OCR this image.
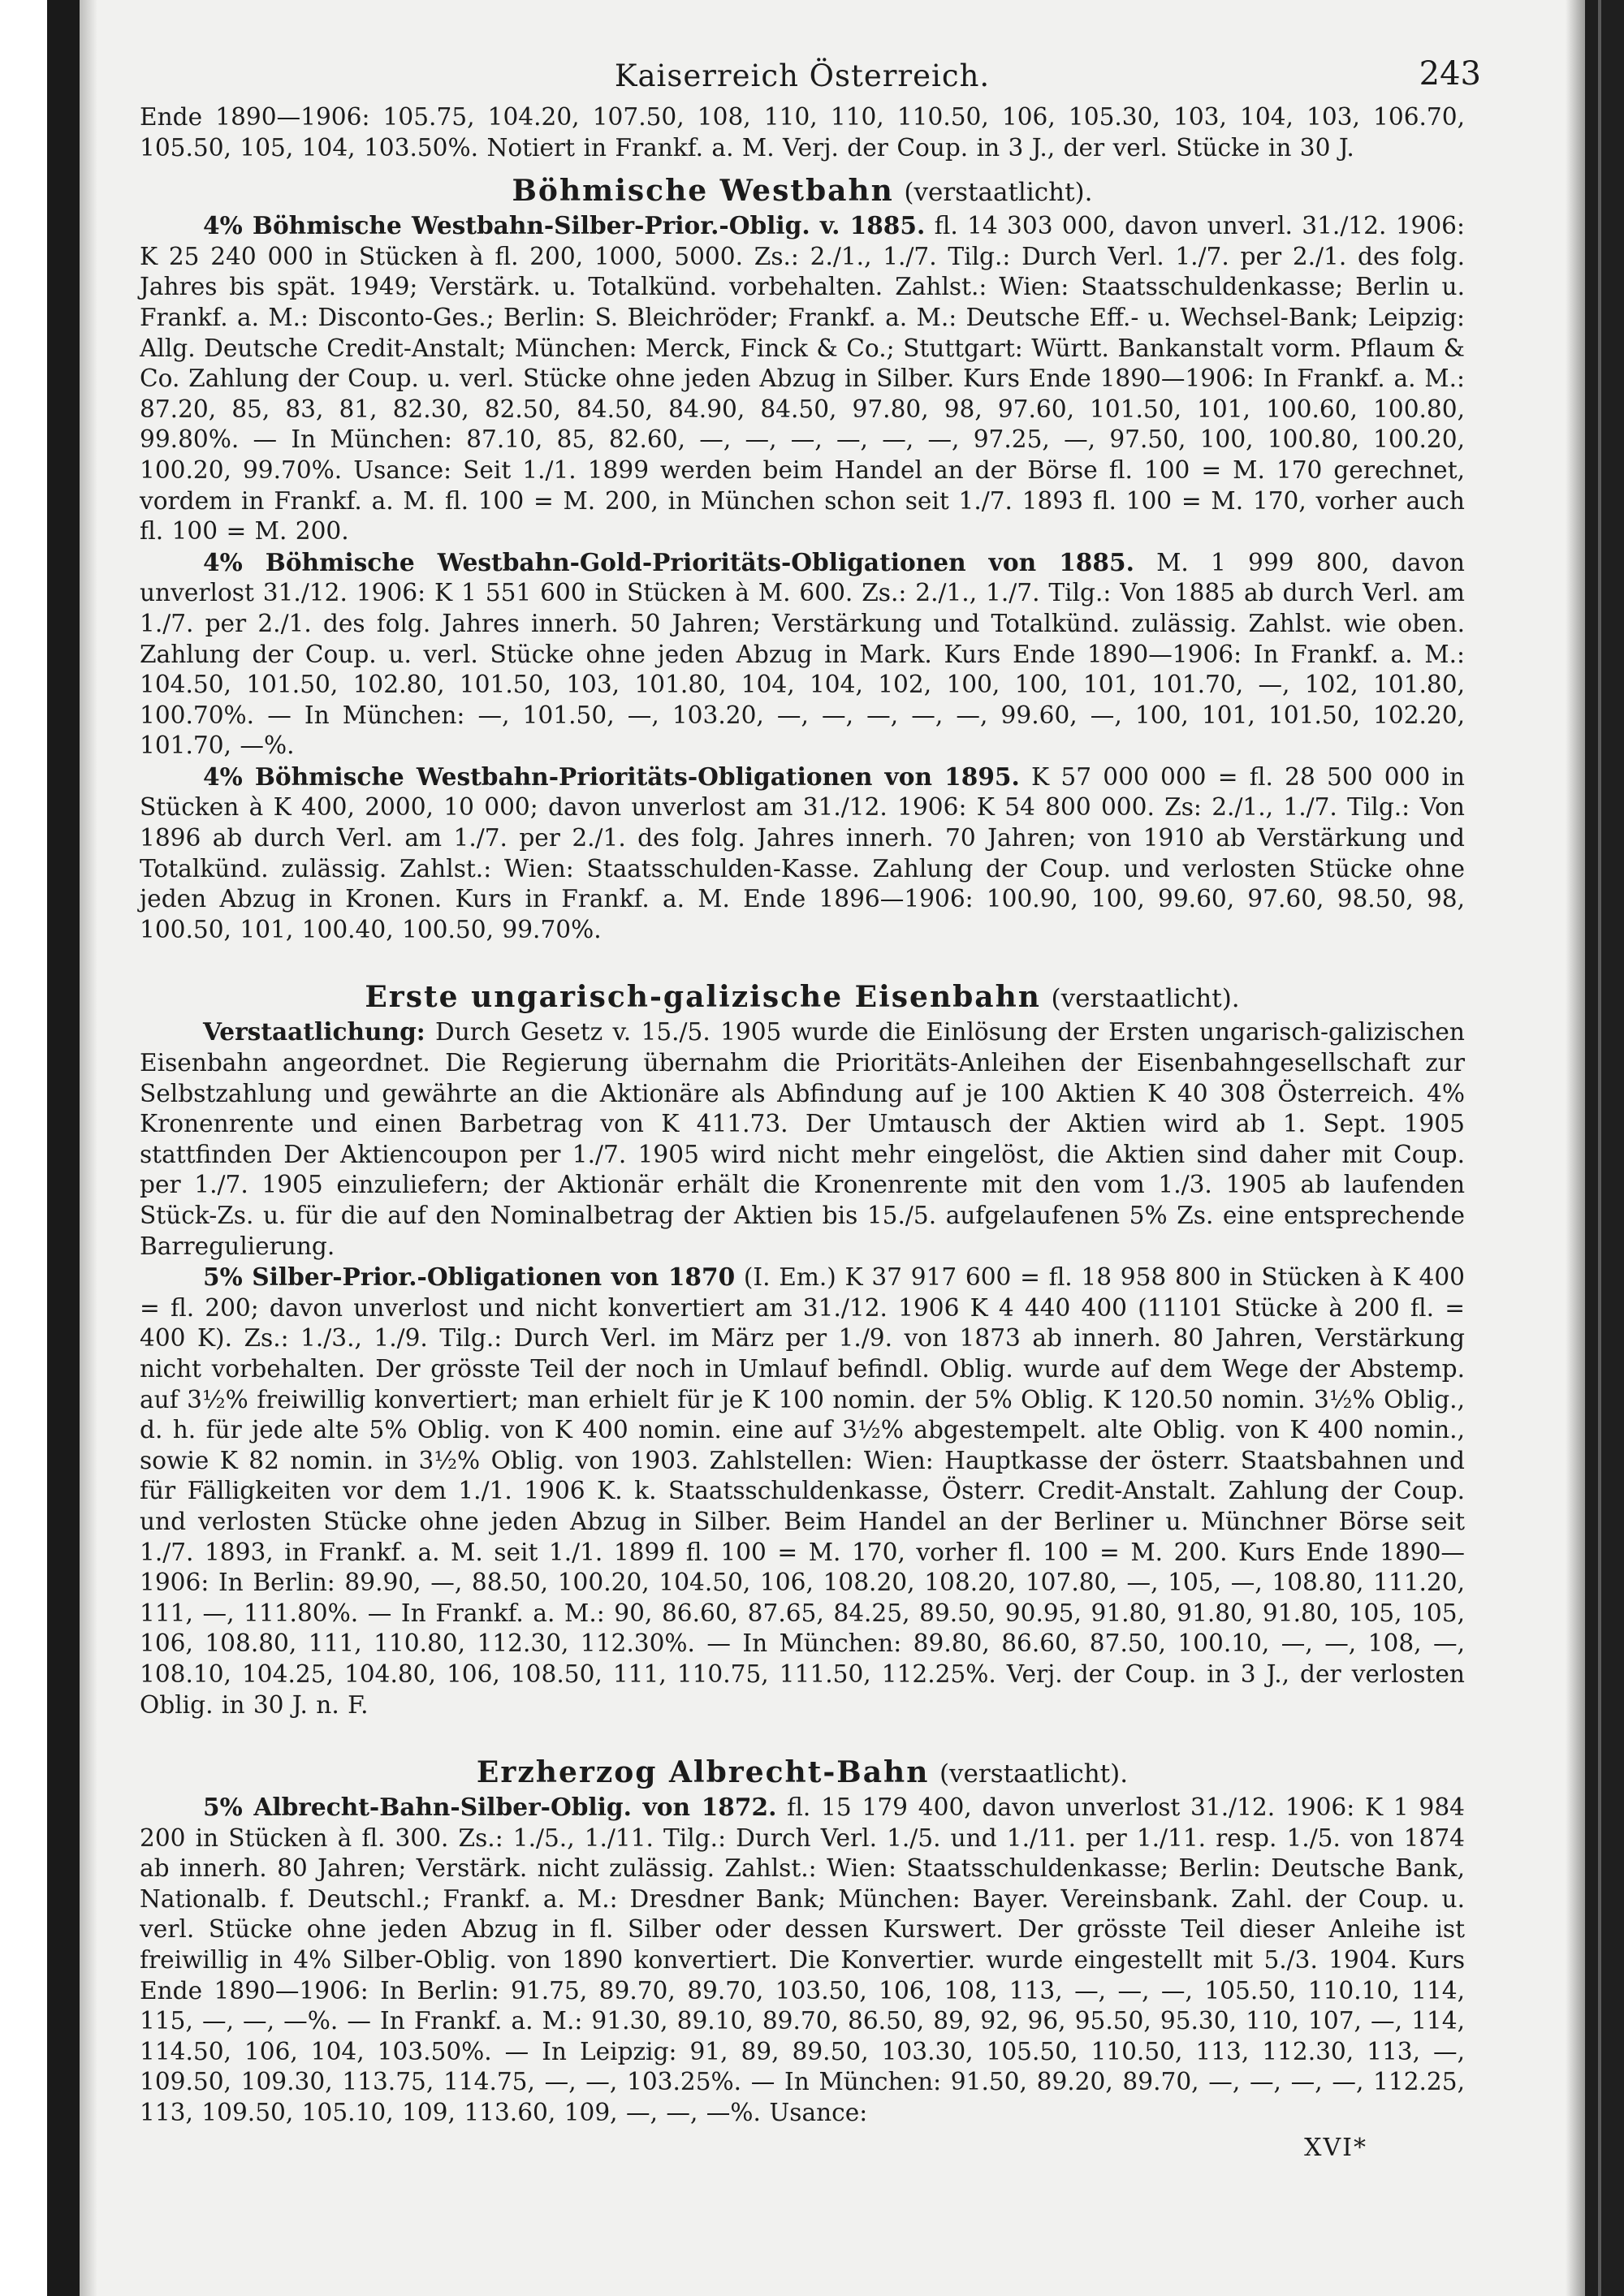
Kaiserreich Österreich.	243

Ende 1890—1906: 105.75, 104.20, 107.50, 108, 110, 110, 110.50, 106, 105.30, 103, 104, 103, 106.70, 105.50, 105, 104, 103.50%. Notiert in Frankf. a. M. Verj. der Coup. in 3 J., der verl. Stücke in 30 J.

Böhmische Westbahn (verstaatlicht).

4% Böhmische Westbahn-Silber-Prior.-Oblig. v. 1885. fl. 14 303 000, davon unverl. 31./12. 1906: K 25 240 000 in Stücken à fl. 200, 1000, 5000. Zs.: 2./1., 1./7. Tilg.: Durch Verl. 1./7. per 2./1. des folg. Jahres bis spät. 1949; Verstärk. u. Totalkünd. vorbehalten. Zahlst.: Wien: Staatsschuldenkasse; Berlin u. Frankf. a. M.: Disconto-Ges.; Berlin: S. Bleichröder; Frankf. a. M.: Deutsche Eff.- u. Wechsel-Bank; Leipzig: Allg. Deutsche Credit-Anstalt; München: Merck, Finck & Co.; Stuttgart: Württ. Bankanstalt vorm. Pflaum & Co. Zahlung der Coup. u. verl. Stücke ohne jeden Abzug in Silber. Kurs Ende 1890—1906: In Frankf. a. M.: 87.20, 85, 83, 81, 82.30, 82.50, 84.50, 84.90, 84.50, 97.80, 98, 97.60, 101.50, 101, 100.60, 100.80, 99.80%. — In München: 87.10, 85, 82.60, —, —, —, —, —, —, 97.25, —, 97.50, 100, 100.80, 100.20, 100.20, 99.70%. Usance: Seit 1./1. 1899 werden beim Handel an der Börse fl. 100 = M. 170 gerechnet, vordem in Frankf. a. M. fl. 100 = M. 200, in München schon seit 1./7. 1893 fl. 100 = M. 170, vorher auch fl. 100 = M. 200.

4% Böhmische Westbahn-Gold-Prioritäts-Obligationen von 1885. M. 1 999 800, davon unverlost 31./12. 1906: K 1 551 600 in Stücken à M. 600. Zs.: 2./1., 1./7. Tilg.: Von 1885 ab durch Verl. am 1./7. per 2./1. des folg. Jahres innerh. 50 Jahren; Verstärkung und Totalkünd. zulässig. Zahlst. wie oben. Zahlung der Coup. u. verl. Stücke ohne jeden Abzug in Mark. Kurs Ende 1890—1906: In Frankf. a. M.: 104.50, 101.50, 102.80, 101.50, 103, 101.80, 104, 104, 102, 100, 100, 101, 101.70, —, 102, 101.80, 100.70%. — In München: —, 101.50, —, 103.20, —, —, —, —, —, 99.60, —, 100, 101, 101.50, 102.20, 101.70, —%.

4% Böhmische Westbahn-Prioritäts-Obligationen von 1895. K 57 000 000 = fl. 28 500 000 in Stücken à K 400, 2000, 10 000; davon unverlost am 31./12. 1906: K 54 800 000. Zs: 2./1., 1./7. Tilg.: Von 1896 ab durch Verl. am 1./7. per 2./1. des folg. Jahres innerh. 70 Jahren; von 1910 ab Verstärkung und Totalkünd. zulässig. Zahlst.: Wien: Staatsschulden-Kasse. Zahlung der Coup. und verlosten Stücke ohne jeden Abzug in Kronen. Kurs in Frankf. a. M. Ende 1896—1906: 100.90, 100, 99.60, 97.60, 98.50, 98, 100.50, 101, 100.40, 100.50, 99.70%.

Erste ungarisch-galizische Eisenbahn (verstaatlicht).

Verstaatlichung: Durch Gesetz v. 15./5. 1905 wurde die Einlösung der Ersten ungarisch-galizischen Eisenbahn angeordnet. Die Regierung übernahm die Prioritäts-Anleihen der Eisenbahngesellschaft zur Selbstzahlung und gewährte an die Aktionäre als Abfindung auf je 100 Aktien K 40 308 Österreich. 4% Kronenrente und einen Barbetrag von K 411.73. Der Umtausch der Aktien wird ab 1. Sept. 1905 stattfinden Der Aktiencoupon per 1./7. 1905 wird nicht mehr eingelöst, die Aktien sind daher mit Coup. per 1./7. 1905 einzuliefern; der Aktionär erhält die Kronenrente mit den vom 1./3. 1905 ab laufenden Stück-Zs. u. für die auf den Nominalbetrag der Aktien bis 15./5. aufgelaufenen 5% Zs. eine entsprechende Barregulierung.

5% Silber-Prior.-Obligationen von 1870 (I. Em.) K 37 917 600 = fl. 18 958 800 in Stücken à K 400 = fl. 200; davon unverlost und nicht konvertiert am 31./12. 1906 K 4 440 400 (11101 Stücke à 200 fl. = 400 K). Zs.: 1./3., 1./9. Tilg.: Durch Verl. im März per 1./9. von 1873 ab innerh. 80 Jahren, Verstärkung nicht vorbehalten. Der grösste Teil der noch in Umlauf befindl. Oblig. wurde auf dem Wege der Abstemp. auf 3½% freiwillig konvertiert; man erhielt für je K 100 nomin. der 5% Oblig. K 120.50 nomin. 3½% Oblig., d. h. für jede alte 5% Oblig. von K 400 nomin. eine auf 3½% abgestempelt. alte Oblig. von K 400 nomin., sowie K 82 nomin. in 3½% Oblig. von 1903. Zahlstellen: Wien: Hauptkasse der österr. Staatsbahnen und für Fälligkeiten vor dem 1./1. 1906 K. k. Staatsschuldenkasse, Österr. Credit-Anstalt. Zahlung der Coup. und verlosten Stücke ohne jeden Abzug in Silber. Beim Handel an der Berliner u. Münchner Börse seit 1./7. 1893, in Frankf. a. M. seit 1./1. 1899 fl. 100 = M. 170, vorher fl. 100 = M. 200. Kurs Ende 1890—1906: In Berlin: 89.90, —, 88.50, 100.20, 104.50, 106, 108.20, 108.20, 107.80, —, 105, —, 108.80, 111.20, 111, —, 111.80%. — In Frankf. a. M.: 90, 86.60, 87.65, 84.25, 89.50, 90.95, 91.80, 91.80, 91.80, 105, 105, 106, 108.80, 111, 110.80, 112.30, 112.30%. — In München: 89.80, 86.60, 87.50, 100.10, —, —, 108, —, 108.10, 104.25, 104.80, 106, 108.50, 111, 110.75, 111.50, 112.25%. Verj. der Coup. in 3 J., der verlosten Oblig. in 30 J. n. F.

Erzherzog Albrecht-Bahn (verstaatlicht).

5% Albrecht-Bahn-Silber-Oblig. von 1872. fl. 15 179 400, davon unverlost 31./12. 1906: K 1 984 200 in Stücken à fl. 300. Zs.: 1./5., 1./11. Tilg.: Durch Verl. 1./5. und 1./11. per 1./11. resp. 1./5. von 1874 ab innerh. 80 Jahren; Verstärk. nicht zulässig. Zahlst.: Wien: Staatsschuldenkasse; Berlin: Deutsche Bank, Nationalb. f. Deutschl.; Frankf. a. M.: Dresdner Bank; München: Bayer. Vereinsbank. Zahl. der Coup. u. verl. Stücke ohne jeden Abzug in fl. Silber oder dessen Kurswert. Der grösste Teil dieser Anleihe ist freiwillig in 4% Silber-Oblig. von 1890 konvertiert. Die Konvertier. wurde eingestellt mit 5./3. 1904. Kurs Ende 1890—1906: In Berlin: 91.75, 89.70, 89.70, 103.50, 106, 108, 113, —, —, —, 105.50, 110.10, 114, 115, —, —, —%. — In Frankf. a. M.: 91.30, 89.10, 89.70, 86.50, 89, 92, 96, 95.50, 95.30, 110, 107, —, 114, 114.50, 106, 104, 103.50%. — In Leipzig: 91, 89, 89.50, 103.30, 105.50, 110.50, 113, 112.30, 113, —, 109.50, 109.30, 113.75, 114.75, —, —, 103.25%. — In München: 91.50, 89.20, 89.70, —, —, —, —, 112.25, 113, 109.50, 105.10, 109, 113.60, 109, —, —, —%. Usance:

XVI*
